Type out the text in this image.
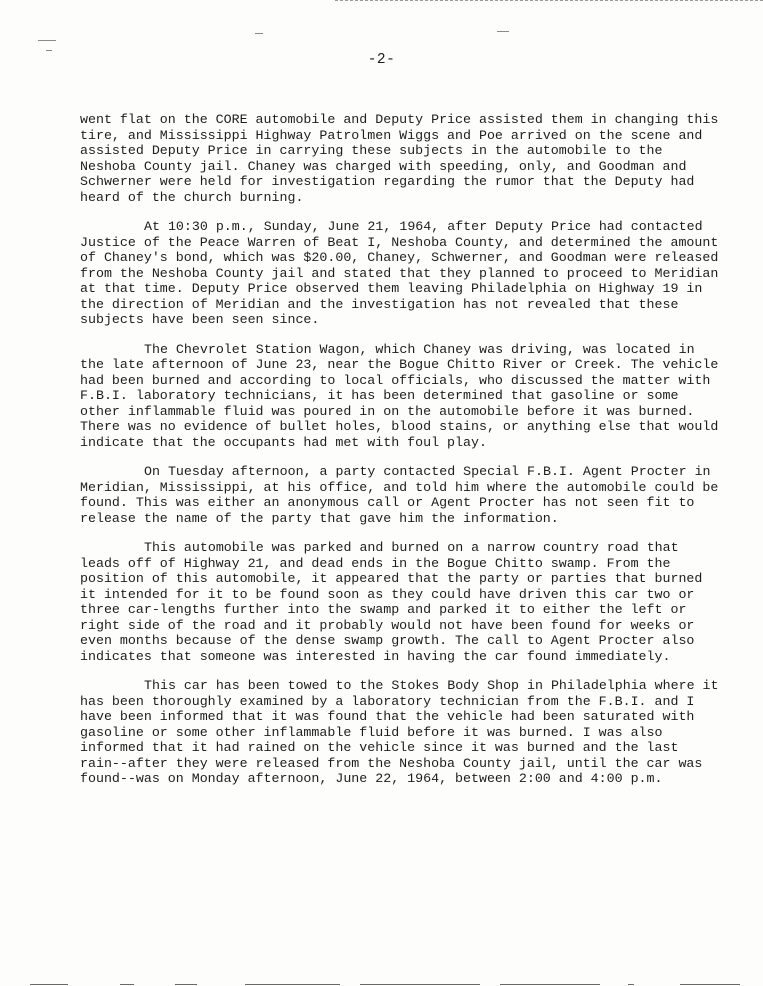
-2-

went flat on the CORE automobile and Deputy Price assisted them in changing this tire, and Mississippi Highway Patrolmen Wiggs and Poe arrived on the scene and assisted Deputy Price in carrying these subjects in the automobile to the Neshoba County jail. Chaney was charged with speeding, only, and Goodman and Schwerner were held for investigation regarding the rumor that the Deputy had heard of the church burning.

At 10:30 p.m., Sunday, June 21, 1964, after Deputy Price had contacted Justice of the Peace Warren of Beat I, Neshoba County, and determined the amount of Chaney's bond, which was $20.00, Chaney, Schwerner, and Goodman were released from the Neshoba County jail and stated that they planned to proceed to Meridian at that time. Deputy Price observed them leaving Philadelphia on Highway 19 in the direction of Meridian and the investigation has not revealed that these subjects have been seen since.

The Chevrolet Station Wagon, which Chaney was driving, was located in the late afternoon of June 23, near the Bogue Chitto River or Creek. The vehicle had been burned and according to local officials, who discussed the matter with F.B.I. laboratory technicians, it has been determined that gasoline or some other inflammable fluid was poured in on the automobile before it was burned. There was no evidence of bullet holes, blood stains, or anything else that would indicate that the occupants had met with foul play.

On Tuesday afternoon, a party contacted Special F.B.I. Agent Procter in Meridian, Mississippi, at his office, and told him where the automobile could be found. This was either an anonymous call or Agent Procter has not seen fit to release the name of the party that gave him the information.

This automobile was parked and burned on a narrow country road that leads off of Highway 21, and dead ends in the Bogue Chitto swamp. From the position of this automobile, it appeared that the party or parties that burned it intended for it to be found soon as they could have driven this car two or three car-lengths further into the swamp and parked it to either the left or right side of the road and it probably would not have been found for weeks or even months because of the dense swamp growth. The call to Agent Procter also indicates that someone was interested in having the car found immediately.

This car has been towed to the Stokes Body Shop in Philadelphia where it has been thoroughly examined by a laboratory technician from the F.B.I. and I have been informed that it was found that the vehicle had been saturated with gasoline or some other inflammable fluid before it was burned. I was also informed that it had rained on the vehicle since it was burned and the last rain--after they were released from the Neshoba County jail, until the car was found--was on Monday afternoon, June 22, 1964, between 2:00 and 4:00 p.m.
